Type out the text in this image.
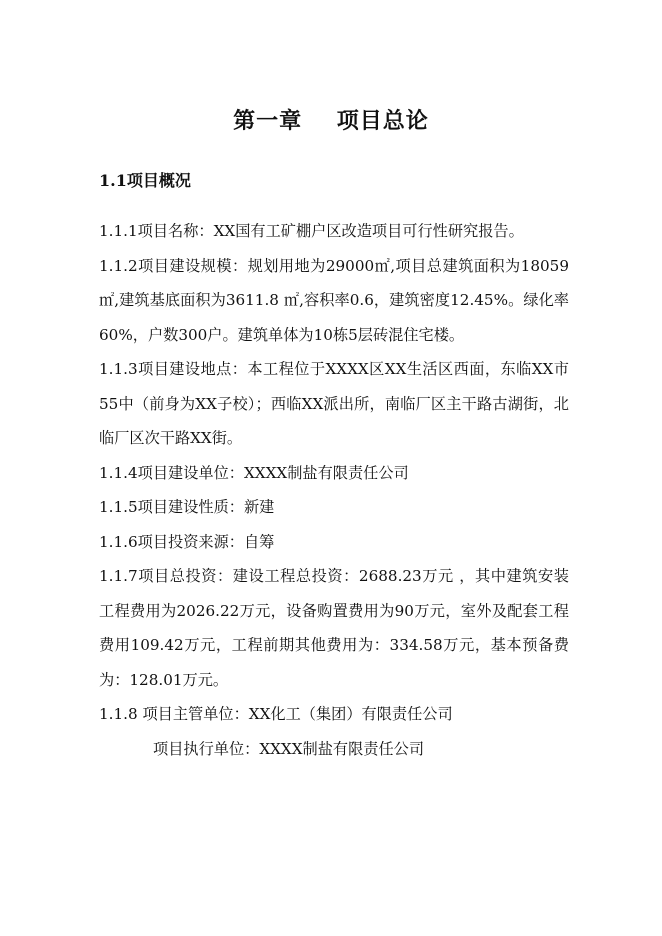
第一章    项目总论
1.1项目概况

1.1.1项目名称：XX国有工矿棚户区改造项目可行性研究报告。

1.1.2项目建设规模：规划用地为29000㎡,项目总建筑面积为18059 ㎡,建筑基底面积为3611.8 ㎡,容积率0.6，建筑密度12.45%。绿化率60%，户数300户。建筑单体为10栋5层砖混住宅楼。

1.1.3项目建设地点：本工程位于XXXX区XX生活区西面，东临XX市55中（前身为XX子校）；西临XX派出所，南临厂区主干路古湖街，北临厂区次干路XX街。

1.1.4项目建设单位：XXXX制盐有限责任公司

1.1.5项目建设性质：新建

1.1.6项目投资来源：自筹

1.1.7项目总投资：建设工程总投资：2688.23万元 ，其中建筑安装工程费用为2026.22万元，设备购置费用为90万元，室外及配套工程费用109.42万元，工程前期其他费用为：334.58万元，基本预备费为：128.01万元。

1.1.8 项目主管单位：XX化工（集团）有限责任公司

项目执行单位：XXXX制盐有限责任公司
